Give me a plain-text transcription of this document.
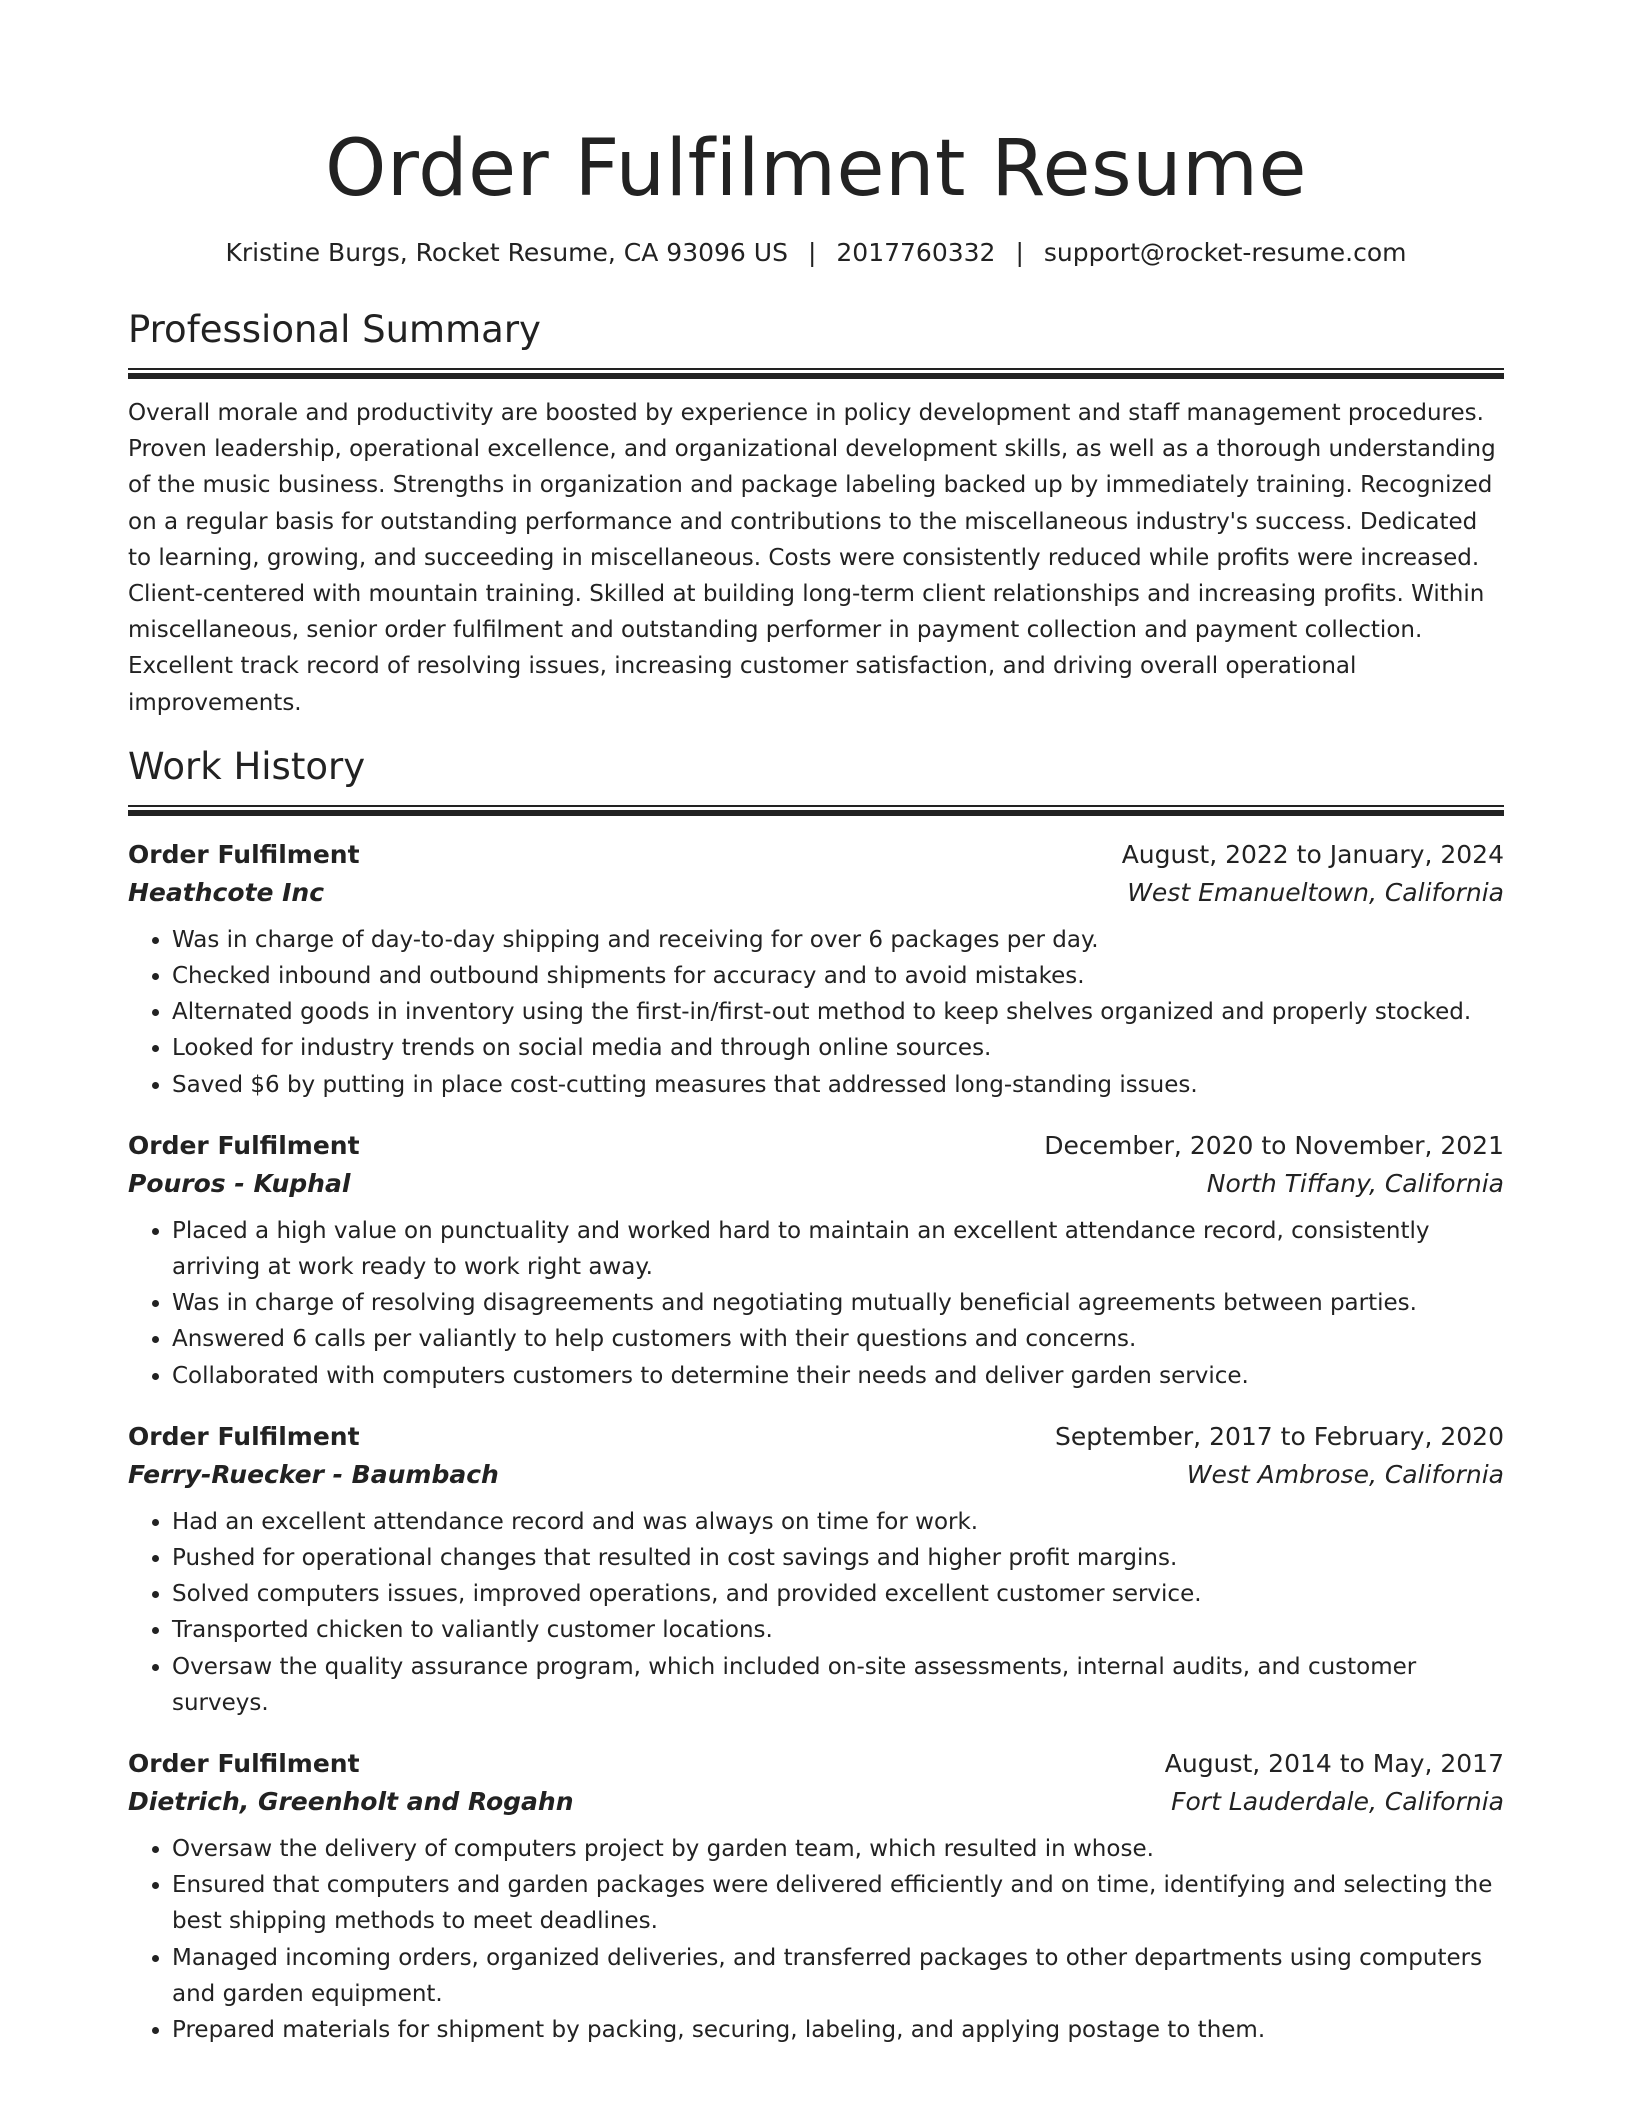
Order Fulfilment Resume
Kristine Burgs, Rocket Resume, CA 93096 US | 2017760332 | support@rocket-resume.com
Professional Summary

Overall morale and productivity are boosted by experience in policy development and staff management procedures. Proven leadership, operational excellence, and organizational development skills, as well as a thorough understanding of the music business. Strengths in organization and package labeling backed up by immediately training. Recognized on a regular basis for outstanding performance and contributions to the miscellaneous industry's success. Dedicated to learning, growing, and succeeding in miscellaneous. Costs were consistently reduced while profits were increased. Client-centered with mountain training. Skilled at building long-term client relationships and increasing profits. Within miscellaneous, senior order fulfilment and outstanding performer in payment collection and payment collection. Excellent track record of resolving issues, increasing customer satisfaction, and driving overall operational improvements.

Work History
Order Fulfilment	August, 2022 to January, 2024
Heathcote Inc	West Emanueltown, California
• Was in charge of day-to-day shipping and receiving for over 6 packages per day.
• Checked inbound and outbound shipments for accuracy and to avoid mistakes.
• Alternated goods in inventory using the first-in/first-out method to keep shelves organized and properly stocked.
• Looked for industry trends on social media and through online sources.
• Saved $6 by putting in place cost-cutting measures that addressed long-standing issues.
Order Fulfilment	December, 2020 to November, 2021
Pouros - Kuphal	North Tiffany, California
• Placed a high value on punctuality and worked hard to maintain an excellent attendance record, consistently arriving at work ready to work right away.
• Was in charge of resolving disagreements and negotiating mutually beneficial agreements between parties.
• Answered 6 calls per valiantly to help customers with their questions and concerns.
• Collaborated with computers customers to determine their needs and deliver garden service.
Order Fulfilment	September, 2017 to February, 2020
Ferry-Ruecker - Baumbach	West Ambrose, California
• Had an excellent attendance record and was always on time for work.
• Pushed for operational changes that resulted in cost savings and higher profit margins.
• Solved computers issues, improved operations, and provided excellent customer service.
• Transported chicken to valiantly customer locations.
• Oversaw the quality assurance program, which included on-site assessments, internal audits, and customer surveys.
Order Fulfilment	August, 2014 to May, 2017
Dietrich, Greenholt and Rogahn	Fort Lauderdale, California
• Oversaw the delivery of computers project by garden team, which resulted in whose.
• Ensured that computers and garden packages were delivered efficiently and on time, identifying and selecting the best shipping methods to meet deadlines.
• Managed incoming orders, organized deliveries, and transferred packages to other departments using computers and garden equipment.
• Prepared materials for shipment by packing, securing, labeling, and applying postage to them.
